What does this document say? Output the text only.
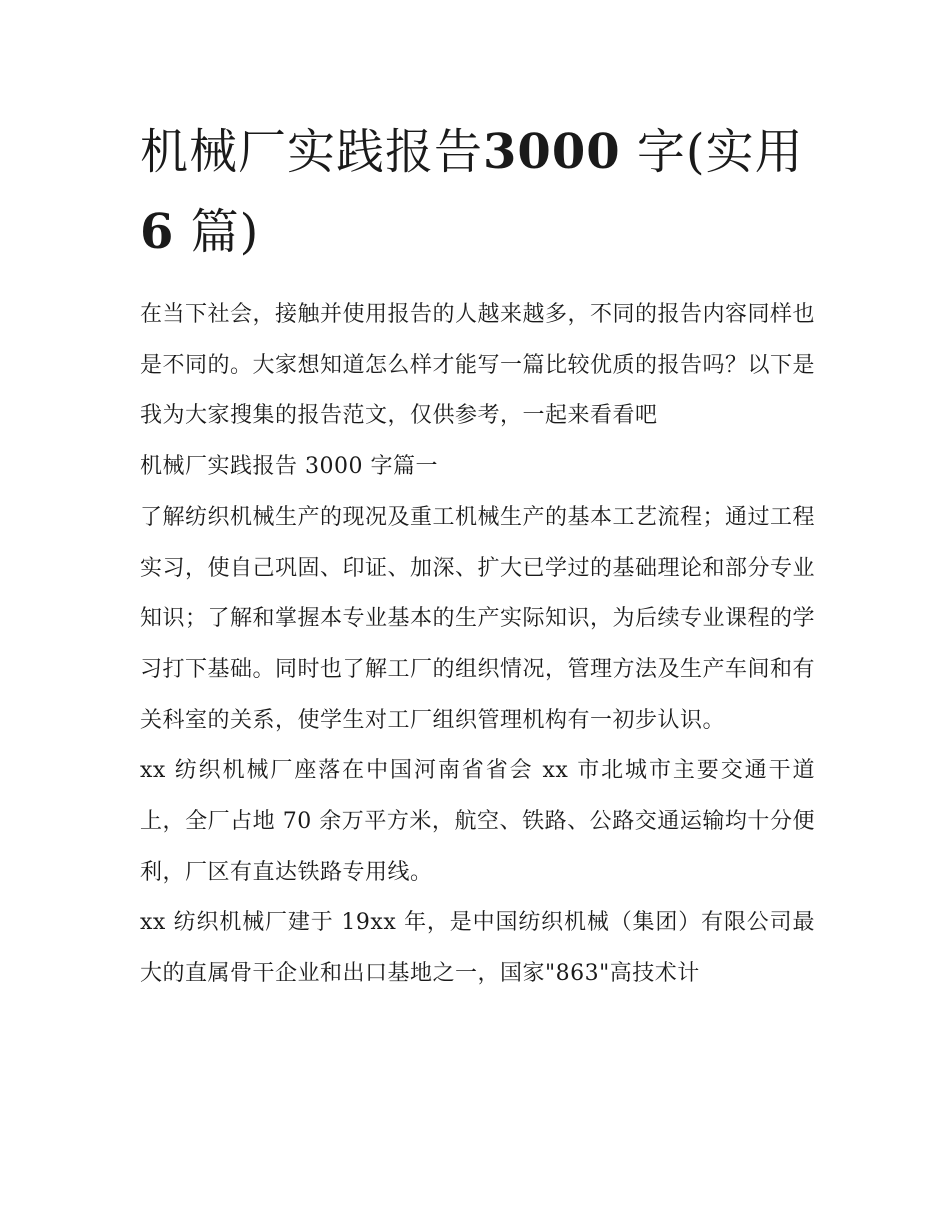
机械厂实践报告3000 字(实用
6 篇)

在当下社会，接触并使用报告的人越来越多，不同的报告内容同样也是不同的。大家想知道怎么样才能写一篇比较优质的报告吗？以下是我为大家搜集的报告范文，仅供参考，一起来看看吧

机械厂实践报告 3000 字篇一

了解纺织机械生产的现况及重工机械生产的基本工艺流程；通过工程实习，使自己巩固、印证、加深、扩大已学过的基础理论和部分专业知识；了解和掌握本专业基本的生产实际知识，为后续专业课程的学习打下基础。同时也了解工厂的组织情况，管理方法及生产车间和有关科室的关系，使学生对工厂组织管理机构有一初步认识。

xx 纺织机械厂座落在中国河南省省会 xx 市北城市主要交通干道上，全厂占地 70 余万平方米，航空、铁路、公路交通运输均十分便利，厂区有直达铁路专用线。

xx 纺织机械厂建于 19xx 年，是中国纺织机械（集团）有限公司最大的直属骨干企业和出口基地之一，国家"863"高技术计
